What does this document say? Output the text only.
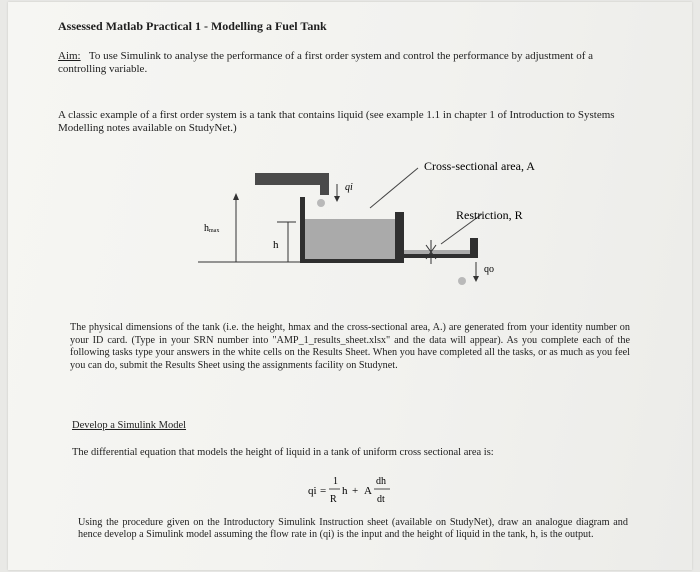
Assessed Matlab Practical 1 - Modelling a Fuel Tank

Aim: To use Simulink to analyse the performance of a first order system and control the performance by adjustment of a controlling variable.

A classic example of a first order system is a tank that contains liquid (see example 1.1 in chapter 1 of Introduction to Systems Modelling notes available on StudyNet.)

qi
Cross-sectional area, A
Restriction, R
qo
hmax
h

The physical dimensions of the tank (i.e. the height, hmax and the cross-sectional area, A.) are generated from your identity number on your ID card. (Type in your SRN number into "AMP_1_results_sheet.xlsx" and the data will appear). As you complete each of the following tasks type your answers in the white cells on the Results Sheet. When you have completed all the tasks, or as much as you feel you can do, submit the Results Sheet using the assignments facility on Studynet.

Develop a Simulink Model

The differential equation that models the height of liquid in a tank of uniform cross sectional area is:

qi =
1
R
h + A
dh
dt

Using the procedure given on the Introductory Simulink Instruction sheet (available on StudyNet), draw an analogue diagram and hence develop a Simulink model assuming the flow rate in (qi) is the input and the height of liquid in the tank, h, is the output.
